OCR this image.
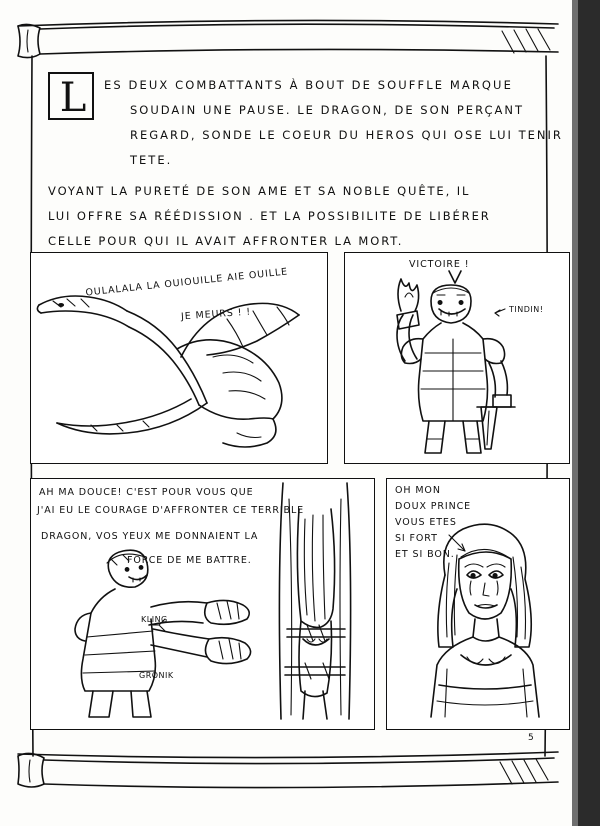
L	ES DEUX COMBATTANTS À BOUT DE SOUFFLE MARQUE
SOUDAIN UNE PAUSE. LE DRAGON, DE SON PERÇANT
REGARD, SONDE LE COEUR DU HEROS QUI OSE LUI TENIR
TETE.
VOYANT LA PURETÉ DE SON AME ET SA NOBLE QUÊTE, IL
LUI OFFRE SA RÉÉDISSION . ET LA POSSIBILITE DE LIBÉRER
CELLE POUR QUI IL AVAIT AFFRONTER LA MORT.
OULALALA LA OUIOUILLE AIE OUILLE
JE MEURS ! !
VICTOIRE !
TINDIN!
AH MA DOUCE! C'EST POUR VOUS QUE
J'AI EU LE COURAGE D'AFFRONTER CE TERRIBLE
DRAGON, VOS YEUX ME DONNAIENT LA
FORCE DE ME BATTRE.
KLING
GRONIK
OH MON
DOUX PRINCE
VOUS ETES
SI FORT
ET SI BON.
5
